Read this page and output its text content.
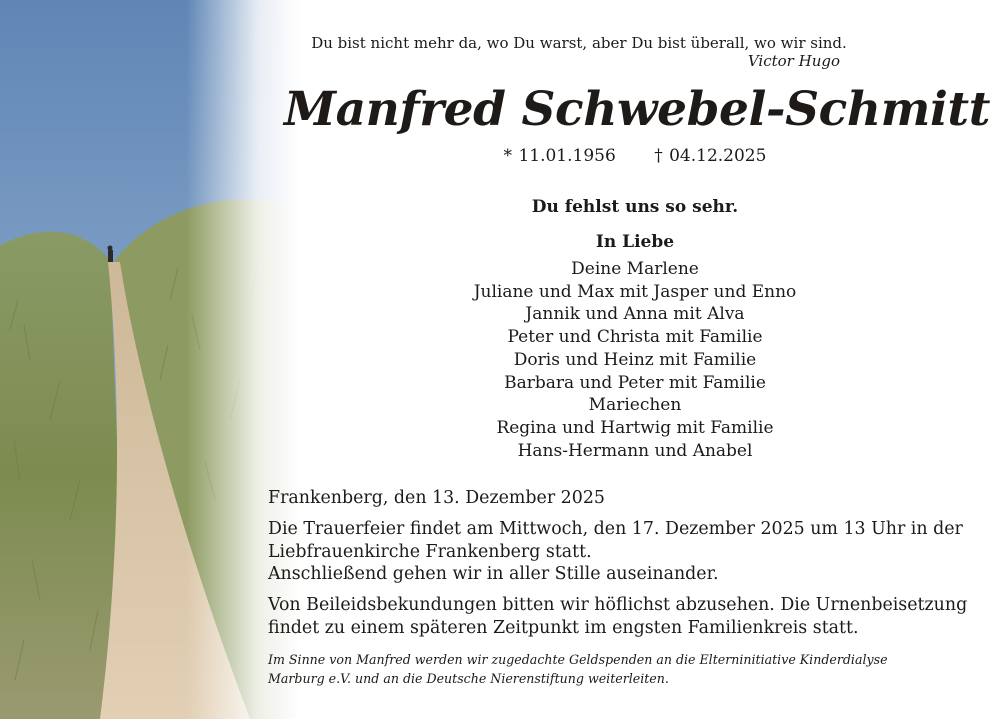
Du bist nicht mehr da, wo Du warst, aber Du bist überall, wo wir sind.
Victor Hugo
Manfred Schwebel-Schmitt
* 11.01.1956 † 04.12.2025
Du fehlst uns so sehr.
In Liebe
Deine Marlene
Juliane und Max mit Jasper und Enno
Jannik und Anna mit Alva
Peter und Christa mit Familie
Doris und Heinz mit Familie
Barbara und Peter mit Familie
Mariechen
Regina und Hartwig mit Familie
Hans-Hermann und Anabel
Frankenberg, den 13. Dezember 2025
Die Trauerfeier findet am Mittwoch, den 17. Dezember 2025 um 13 Uhr in der
Liebfrauenkirche Frankenberg statt.
Anschließend gehen wir in aller Stille auseinander.
Von Beileidsbekundungen bitten wir höflichst abzusehen. Die Urnenbeisetzung
findet zu einem späteren Zeitpunkt im engsten Familienkreis statt.
Im Sinne von Manfred werden wir zugedachte Geldspenden an die Elterninitiative Kinderdialyse
Marburg e.V. und an die Deutsche Nierenstiftung weiterleiten.
